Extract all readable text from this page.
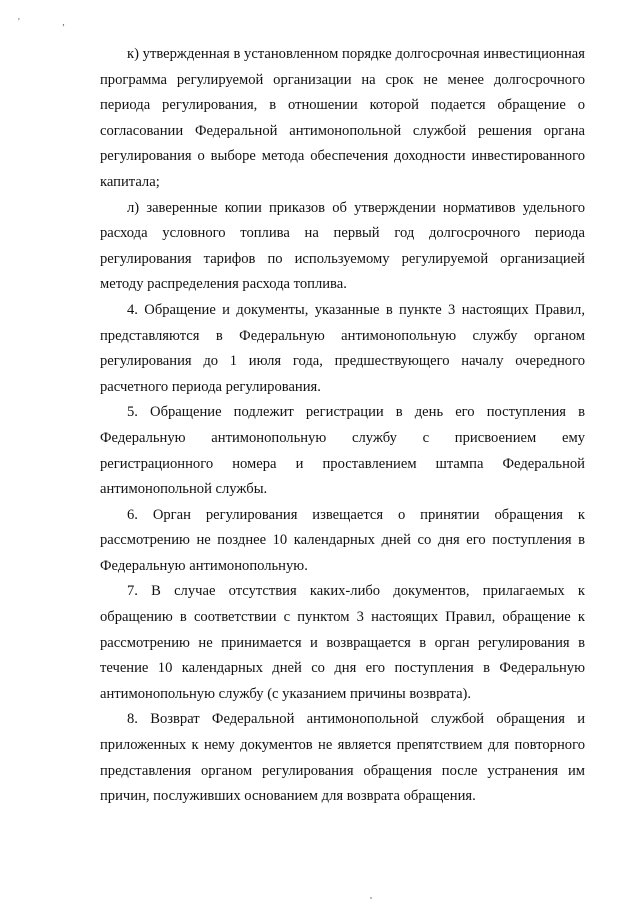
' ,

к) утвержденная в установленном порядке долгосрочная инвестиционная программа регулируемой организации на срок не менее долгосрочного периода регулирования, в отношении которой подается обращение о согласовании Федеральной антимонопольной службой решения органа регулирования о выборе метода обеспечения доходности инвестированного капитала;

л) заверенные копии приказов об утверждении нормативов удельного расхода условного топлива на первый год долгосрочного периода регулирования тарифов по используемому регулируемой организацией методу распределения расхода топлива.

4. Обращение и документы, указанные в пункте 3 настоящих Правил, представляются в Федеральную антимонопольную службу органом регулирования до 1 июля года, предшествующего началу очередного расчетного периода регулирования.

5. Обращение подлежит регистрации в день его поступления в Федеральную антимонопольную службу с присвоением ему регистрационного номера и проставлением штампа Федеральной антимонопольной службы.

6. Орган регулирования извещается о принятии обращения к рассмотрению не позднее 10 календарных дней со дня его поступления в Федеральную антимонопольную.

7. В случае отсутствия каких-либо документов, прилагаемых к обращению в соответствии с пунктом 3 настоящих Правил, обращение к рассмотрению не принимается и возвращается в орган регулирования в течение 10 календарных дней со дня его поступления в Федеральную антимонопольную службу (с указанием причины возврата).

8. Возврат Федеральной антимонопольной службой обращения и приложенных к нему документов не является препятствием для повторного представления органом регулирования обращения после устранения им причин, послуживших основанием для возврата обращения.
